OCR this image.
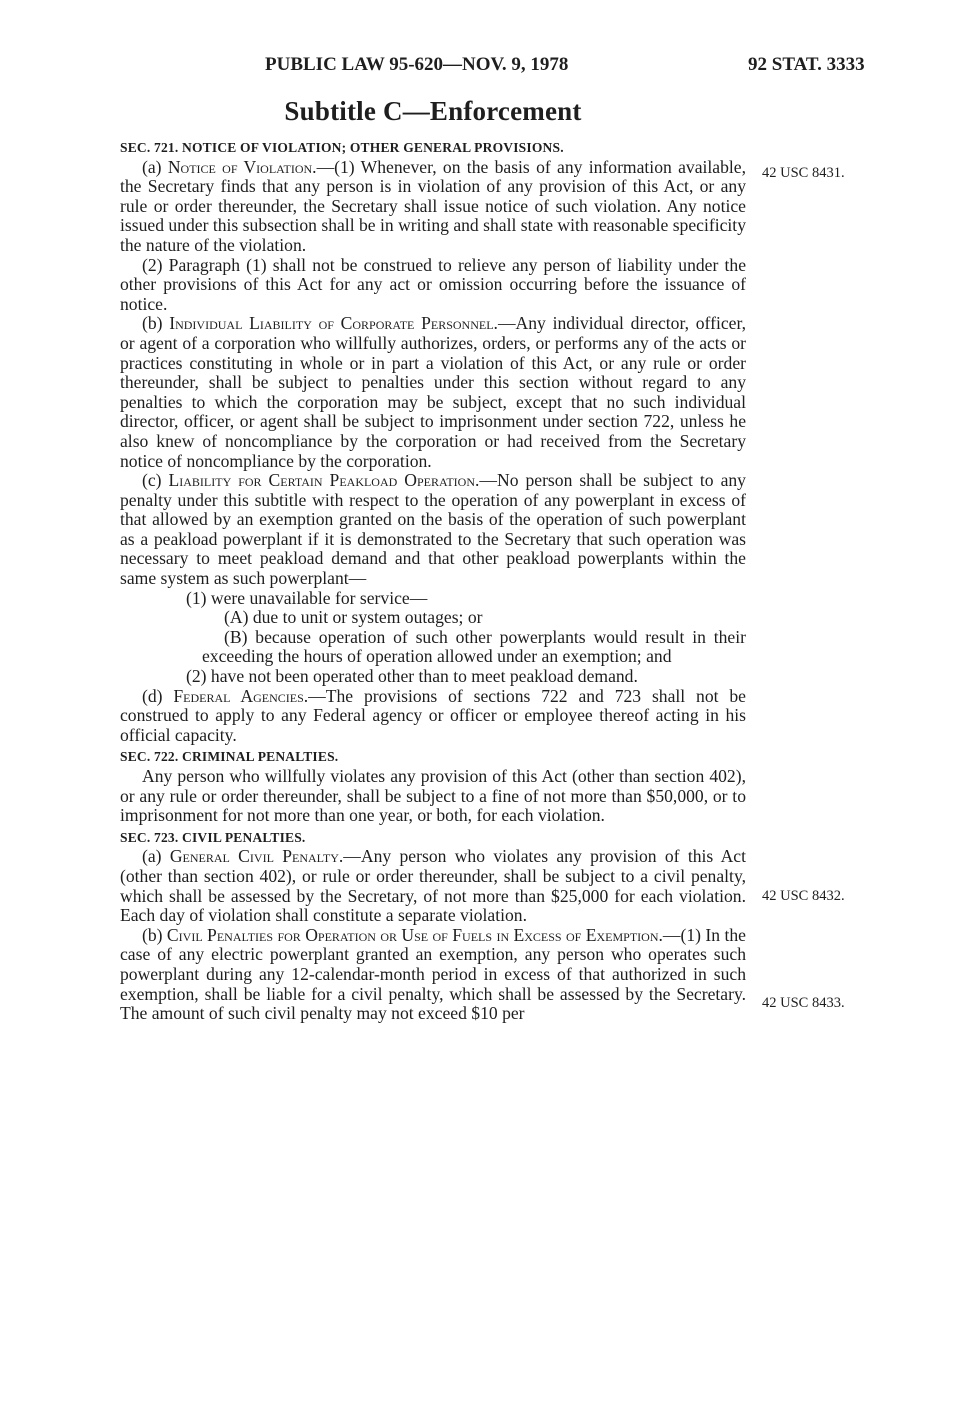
PUBLIC LAW 95-620—NOV. 9, 1978	92 STAT. 3333
42 USC 8431.
42 USC 8432.
42 USC 8433.
Subtitle C—Enforcement
SEC. 721. NOTICE OF VIOLATION; OTHER GENERAL PROVISIONS.

(a) Notice of Violation.—(1) Whenever, on the basis of any information available, the Secretary finds that any person is in violation of any provision of this Act, or any rule or order thereunder, the Secretary shall issue notice of such violation. Any notice issued under this subsection shall be in writing and shall state with reasonable specificity the nature of the violation.

(2) Paragraph (1) shall not be construed to relieve any person of liability under the other provisions of this Act for any act or omission occurring before the issuance of notice.

(b) Individual Liability of Corporate Personnel.—Any individual director, officer, or agent of a corporation who willfully authorizes, orders, or performs any of the acts or practices constituting in whole or in part a violation of this Act, or any rule or order thereunder, shall be subject to penalties under this section without regard to any penalties to which the corporation may be subject, except that no such individual director, officer, or agent shall be subject to imprisonment under section 722, unless he also knew of noncompliance by the corporation or had received from the Secretary notice of noncompliance by the corporation.

(c) Liability for Certain Peakload Operation.—No person shall be subject to any penalty under this subtitle with respect to the operation of any powerplant in excess of that allowed by an exemption granted on the basis of the operation of such powerplant as a peakload powerplant if it is demonstrated to the Secretary that such operation was necessary to meet peakload demand and that other peakload powerplants within the same system as such powerplant—

(1) were unavailable for service—

(A) due to unit or system outages; or

(B) because operation of such other powerplants would result in their exceeding the hours of operation allowed under an exemption; and

(2) have not been operated other than to meet peakload demand.

(d) Federal Agencies.—The provisions of sections 722 and 723 shall not be construed to apply to any Federal agency or officer or employee thereof acting in his official capacity.

SEC. 722. CRIMINAL PENALTIES.

Any person who willfully violates any provision of this Act (other than section 402), or any rule or order thereunder, shall be subject to a fine of not more than $50,000, or to imprisonment for not more than one year, or both, for each violation.

SEC. 723. CIVIL PENALTIES.

(a) General Civil Penalty.—Any person who violates any provision of this Act (other than section 402), or rule or order thereunder, shall be subject to a civil penalty, which shall be assessed by the Secretary, of not more than $25,000 for each violation. Each day of violation shall constitute a separate violation.

(b) Civil Penalties for Operation or Use of Fuels in Excess of Exemption.—(1) In the case of any electric powerplant granted an exemption, any person who operates such powerplant during any 12-calendar-month period in excess of that authorized in such exemption, shall be liable for a civil penalty, which shall be assessed by the Secretary. The amount of such civil penalty may not exceed $10 per
